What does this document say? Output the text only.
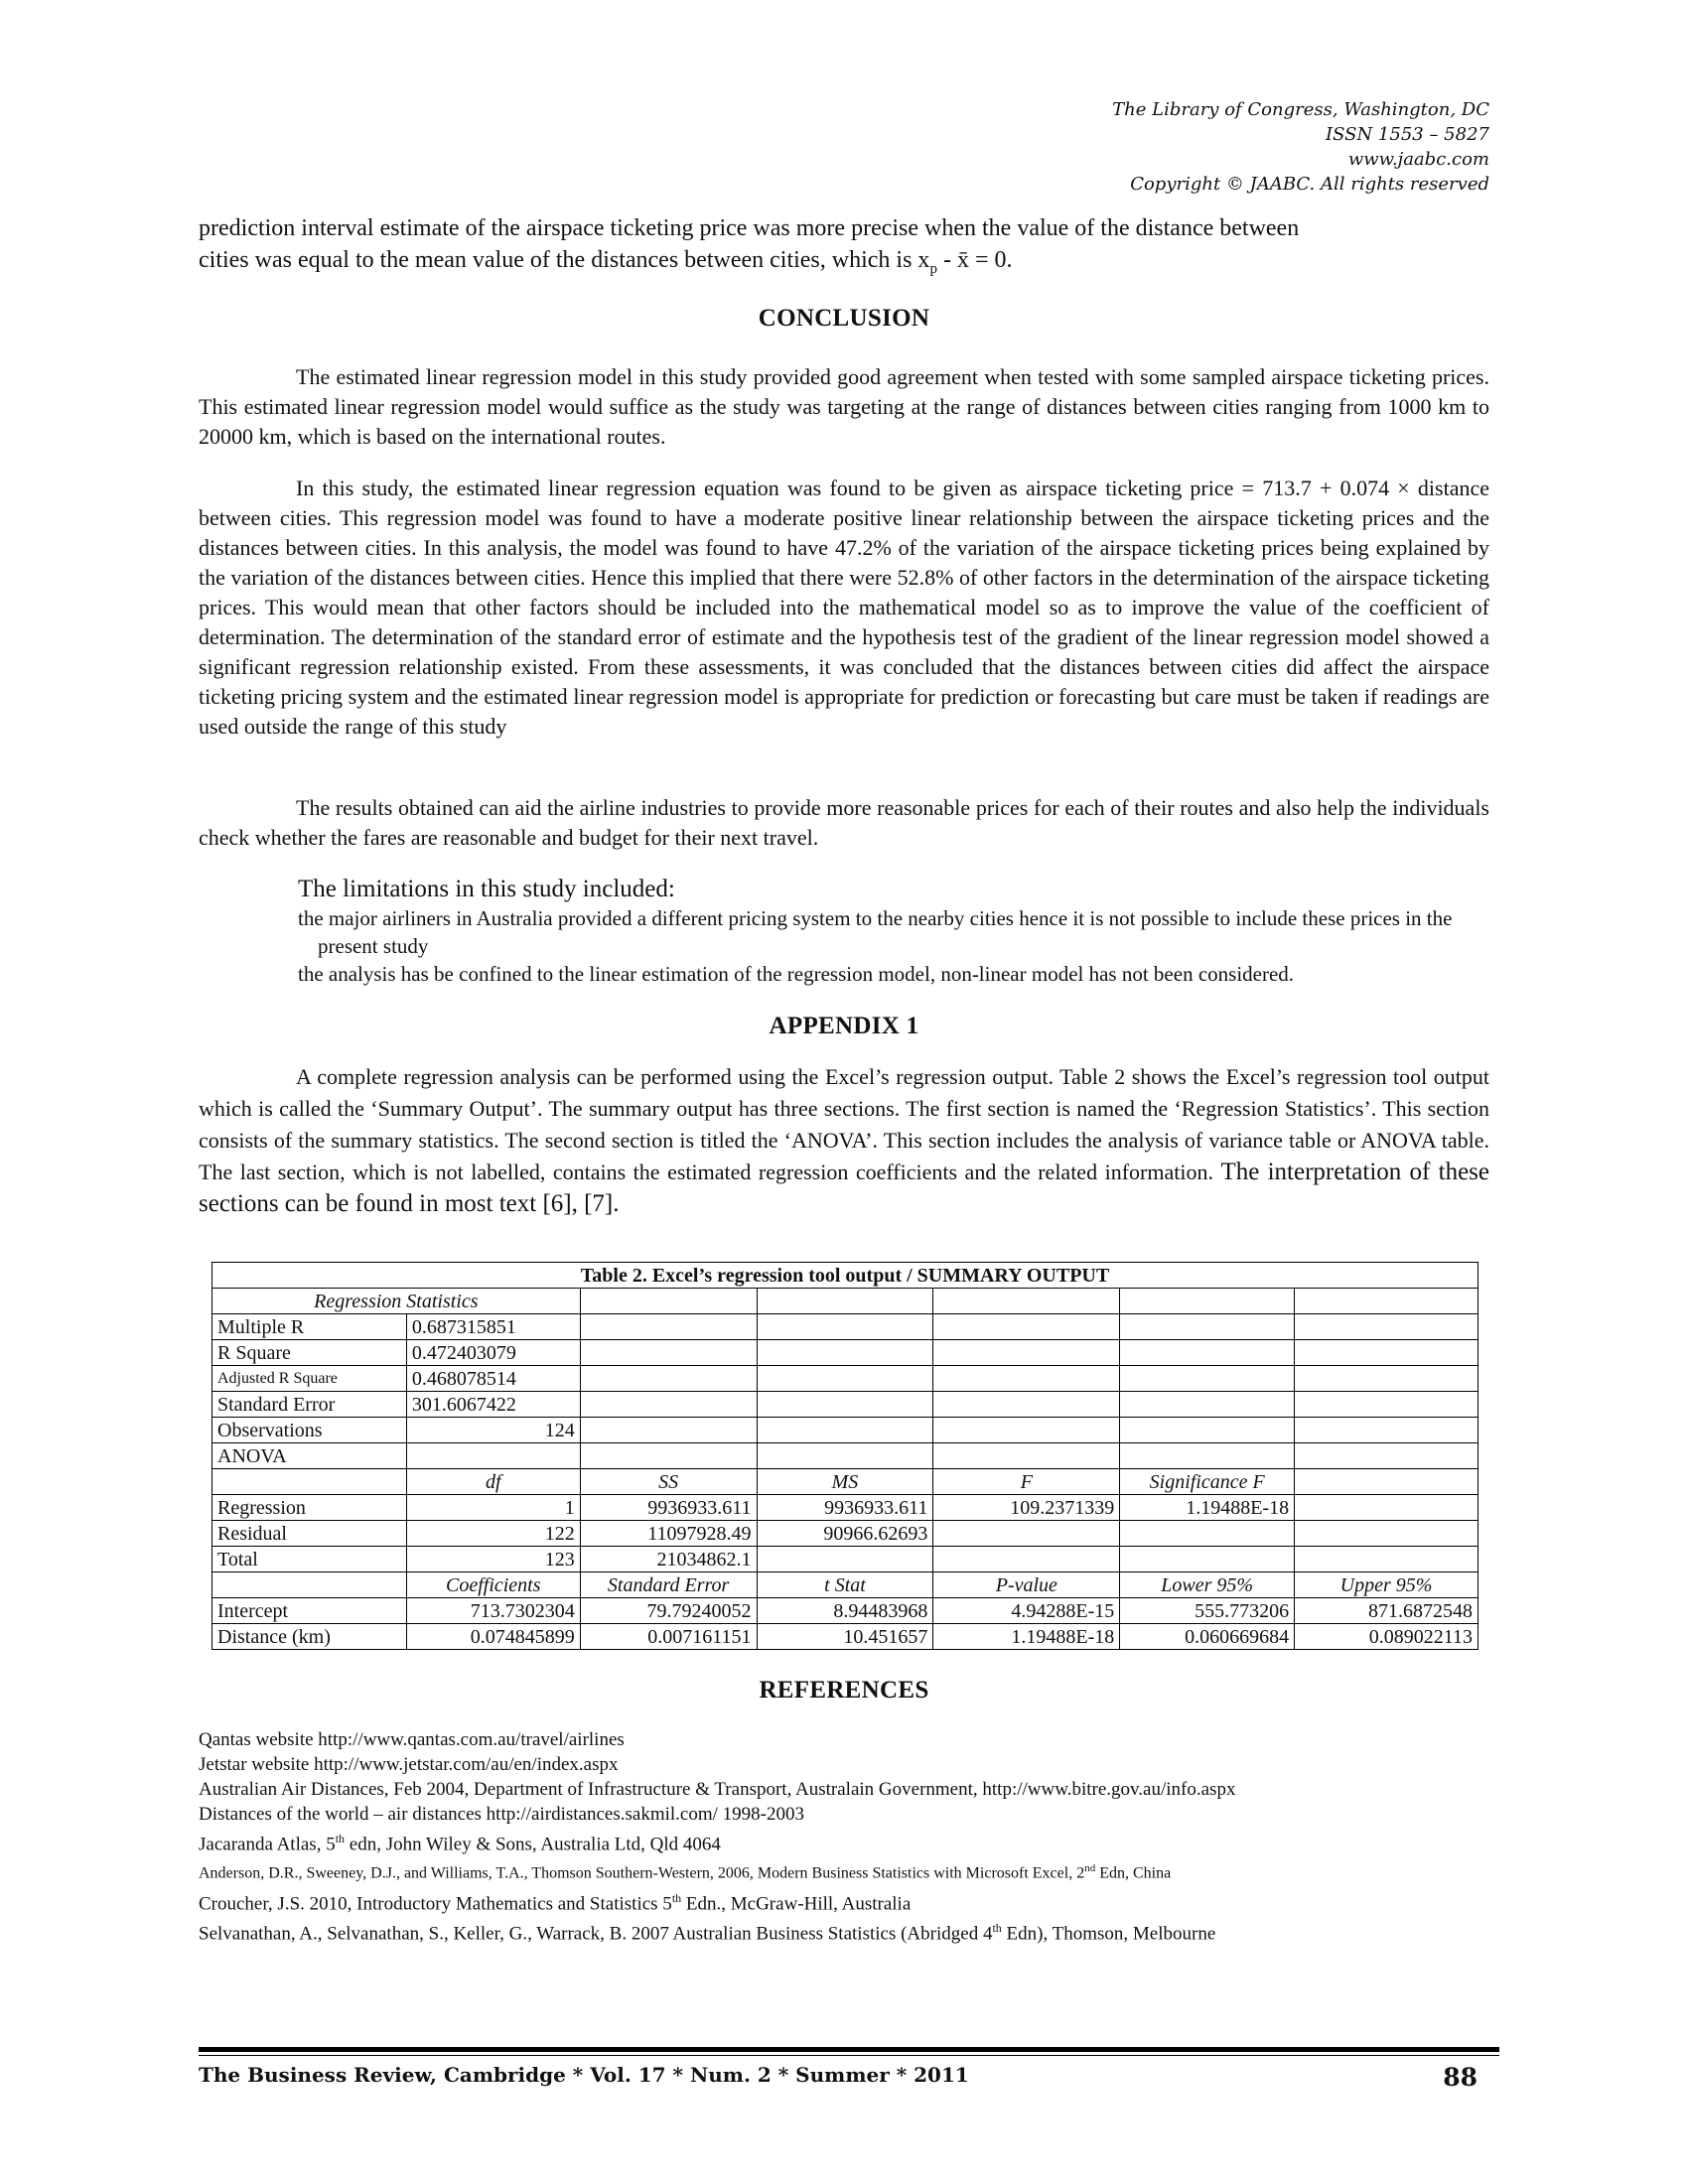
The Library of Congress, Washington, DC
ISSN 1553 – 5827
www.jaabc.com
Copyright © JAABC. All rights reserved

prediction interval estimate of the airspace ticketing price was more precise when the value of the distance between

cities was equal to the mean value of the distances between cities, which is $x_p$ - x̄ = 0.

CONCLUSION

The estimated linear regression model in this study provided good agreement when tested with some sampled airspace ticketing prices. This estimated linear regression model would suffice as the study was targeting at the range of distances between cities ranging from 1000 km to 20000 km, which is based on the international routes.

In this study, the estimated linear regression equation was found to be given as airspace ticketing price = 713.7 + 0.074 × distance between cities. This regression model was found to have a moderate positive linear relationship between the airspace ticketing prices and the distances between cities. In this analysis, the model was found to have 47.2% of the variation of the airspace ticketing prices being explained by the variation of the distances between cities. Hence this implied that there were 52.8% of other factors in the determination of the airspace ticketing prices. This would mean that other factors should be included into the mathematical model so as to improve the value of the coefficient of determination. The determination of the standard error of estimate and the hypothesis test of the gradient of the linear regression model showed a significant regression relationship existed. From these assessments, it was concluded that the distances between cities did affect the airspace ticketing pricing system and the estimated linear regression model is appropriate for prediction or forecasting but care must be taken if readings are used outside the range of this study

The results obtained can aid the airline industries to provide more reasonable prices for each of their routes and also help the individuals check whether the fares are reasonable and budget for their next travel.

The limitations in this study included:
the major airliners in Australia provided a different pricing system to the nearby cities hence it is not possible to include these prices in the present study
the analysis has be confined to the linear estimation of the regression model, non-linear model has not been considered.
APPENDIX 1

A complete regression analysis can be performed using the Excel’s regression output. Table 2 shows the Excel’s regression tool output which is called the ‘Summary Output’. The summary output has three sections. The first section is named the ‘Regression Statistics’. This section consists of the summary statistics. The second section is titled the ‘ANOVA’. This section includes the analysis of variance table or ANOVA table. The last section, which is not labelled, contains the estimated regression coefficients and the related information. The interpretation of these sections can be found in most text [6], [7].

Table 2. Excel’s regression tool output / SUMMARY OUTPUT						
Regression Statistics						
Multiple R	0.687315851					
R Square	0.472403079					
Adjusted R Square	0.468078514					
Standard Error	301.6067422					
Observations	124					
ANOVA						
	df	SS	MS	F	Significance F	
Regression	1	9936933.611	9936933.611	109.2371339	1.19488E-18	
Residual	122	11097928.49	90966.62693			
Total	123	21034862.1				
	Coefficients	Standard Error	t Stat	P-value	Lower 95%	Upper 95%
Intercept	713.7302304	79.79240052	8.94483968	4.94288E-15	555.773206	871.6872548
Distance (km)	0.074845899	0.007161151	10.451657	1.19488E-18	0.060669684	0.089022113
REFERENCES
Qantas website http://www.qantas.com.au/travel/airlines
Jetstar website http://www.jetstar.com/au/en/index.aspx
Australian Air Distances, Feb 2004, Department of Infrastructure & Transport, Australain Government, http://www.bitre.gov.au/info.aspx
Distances of the world – air distances http://airdistances.sakmil.com/ 1998-2003
Jacaranda Atlas, 5th edn, John Wiley & Sons, Australia Ltd, Qld 4064
Anderson, D.R., Sweeney, D.J., and Williams, T.A., Thomson Southern-Western, 2006, Modern Business Statistics with Microsoft Excel, 2nd Edn, China
Croucher, J.S. 2010, Introductory Mathematics and Statistics 5th Edn., McGraw-Hill, Australia
Selvanathan, A., Selvanathan, S., Keller, G., Warrack, B. 2007 Australian Business Statistics (Abridged 4th Edn), Thomson, Melbourne
The Business Review, Cambridge * Vol. 17 * Num. 2 * Summer * 2011	88
